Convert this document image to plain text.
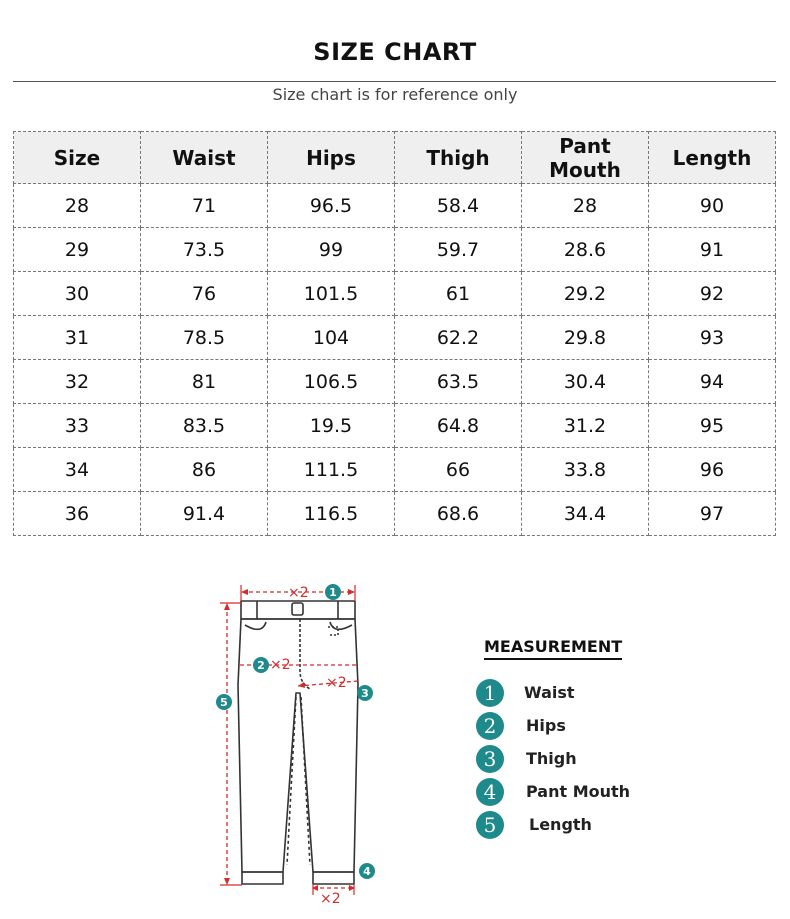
SIZE CHART
Size chart is for reference only
Size	Waist	Hips	Thigh	Pant Mouth	Length
28	71	96.5	58.4	28	90
29	73.5	99	59.7	28.6	91
30	76	101.5	61	29.2	92
31	78.5	104	62.2	29.8	93
32	81	106.5	63.5	30.4	94
33	83.5	19.5	64.8	31.2	95
34	86	111.5	66	33.8	96
36	91.4	116.5	68.6	34.4	97
×2
×2
×2
×2
1
2
3
4
5
MEASUREMENT
1	Waist
2	Hips
3	Thigh
4	Pant Mouth
5	Length
